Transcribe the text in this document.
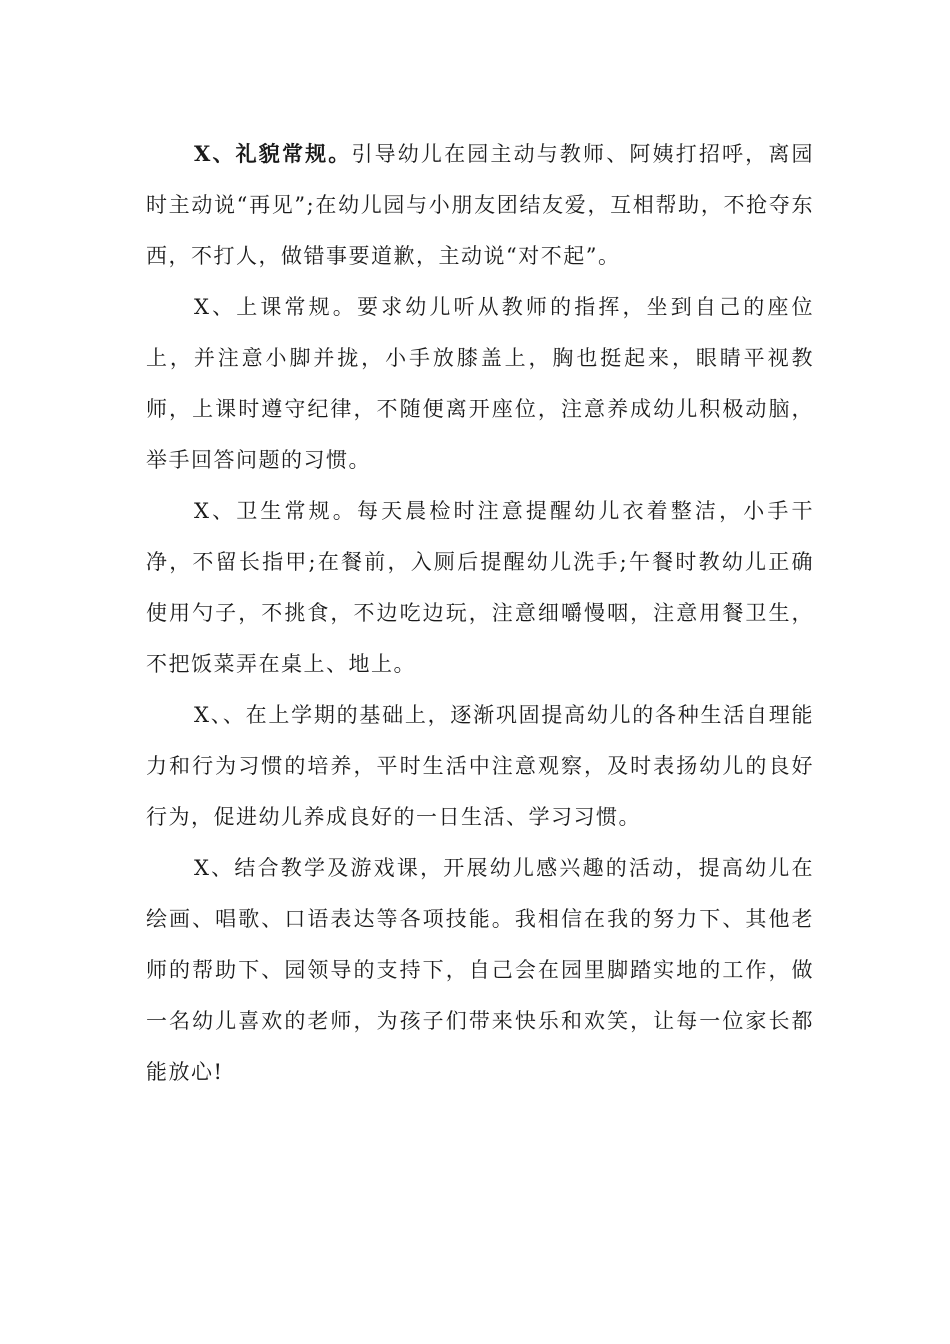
X、礼貌常规。引导幼儿在园主动与教师、阿姨打招呼，离园时主动说“再见”;在幼儿园与小朋友团结友爱，互相帮助，不抢夺东西，不打人，做错事要道歉，主动说“对不起”。

X、上课常规。要求幼儿听从教师的指挥，坐到自己的座位上，并注意小脚并拢，小手放膝盖上，胸也挺起来，眼睛平视教师，上课时遵守纪律，不随便离开座位，注意养成幼儿积极动脑，举手回答问题的习惯。

X、卫生常规。每天晨检时注意提醒幼儿衣着整洁，小手干净，不留长指甲;在餐前，入厕后提醒幼儿洗手;午餐时教幼儿正确使用勺子，不挑食，不边吃边玩，注意细嚼慢咽，注意用餐卫生，不把饭菜弄在桌上、地上。

X、、在上学期的基础上，逐渐巩固提高幼儿的各种生活自理能力和行为习惯的培养，平时生活中注意观察，及时表扬幼儿的良好行为，促进幼儿养成良好的一日生活、学习习惯。

X、结合教学及游戏课，开展幼儿感兴趣的活动，提高幼儿在绘画、唱歌、口语表达等各项技能。我相信在我的努力下、其他老师的帮助下、园领导的支持下，自己会在园里脚踏实地的工作，做一名幼儿喜欢的老师，为孩子们带来快乐和欢笑，让每一位家长都能放心!
